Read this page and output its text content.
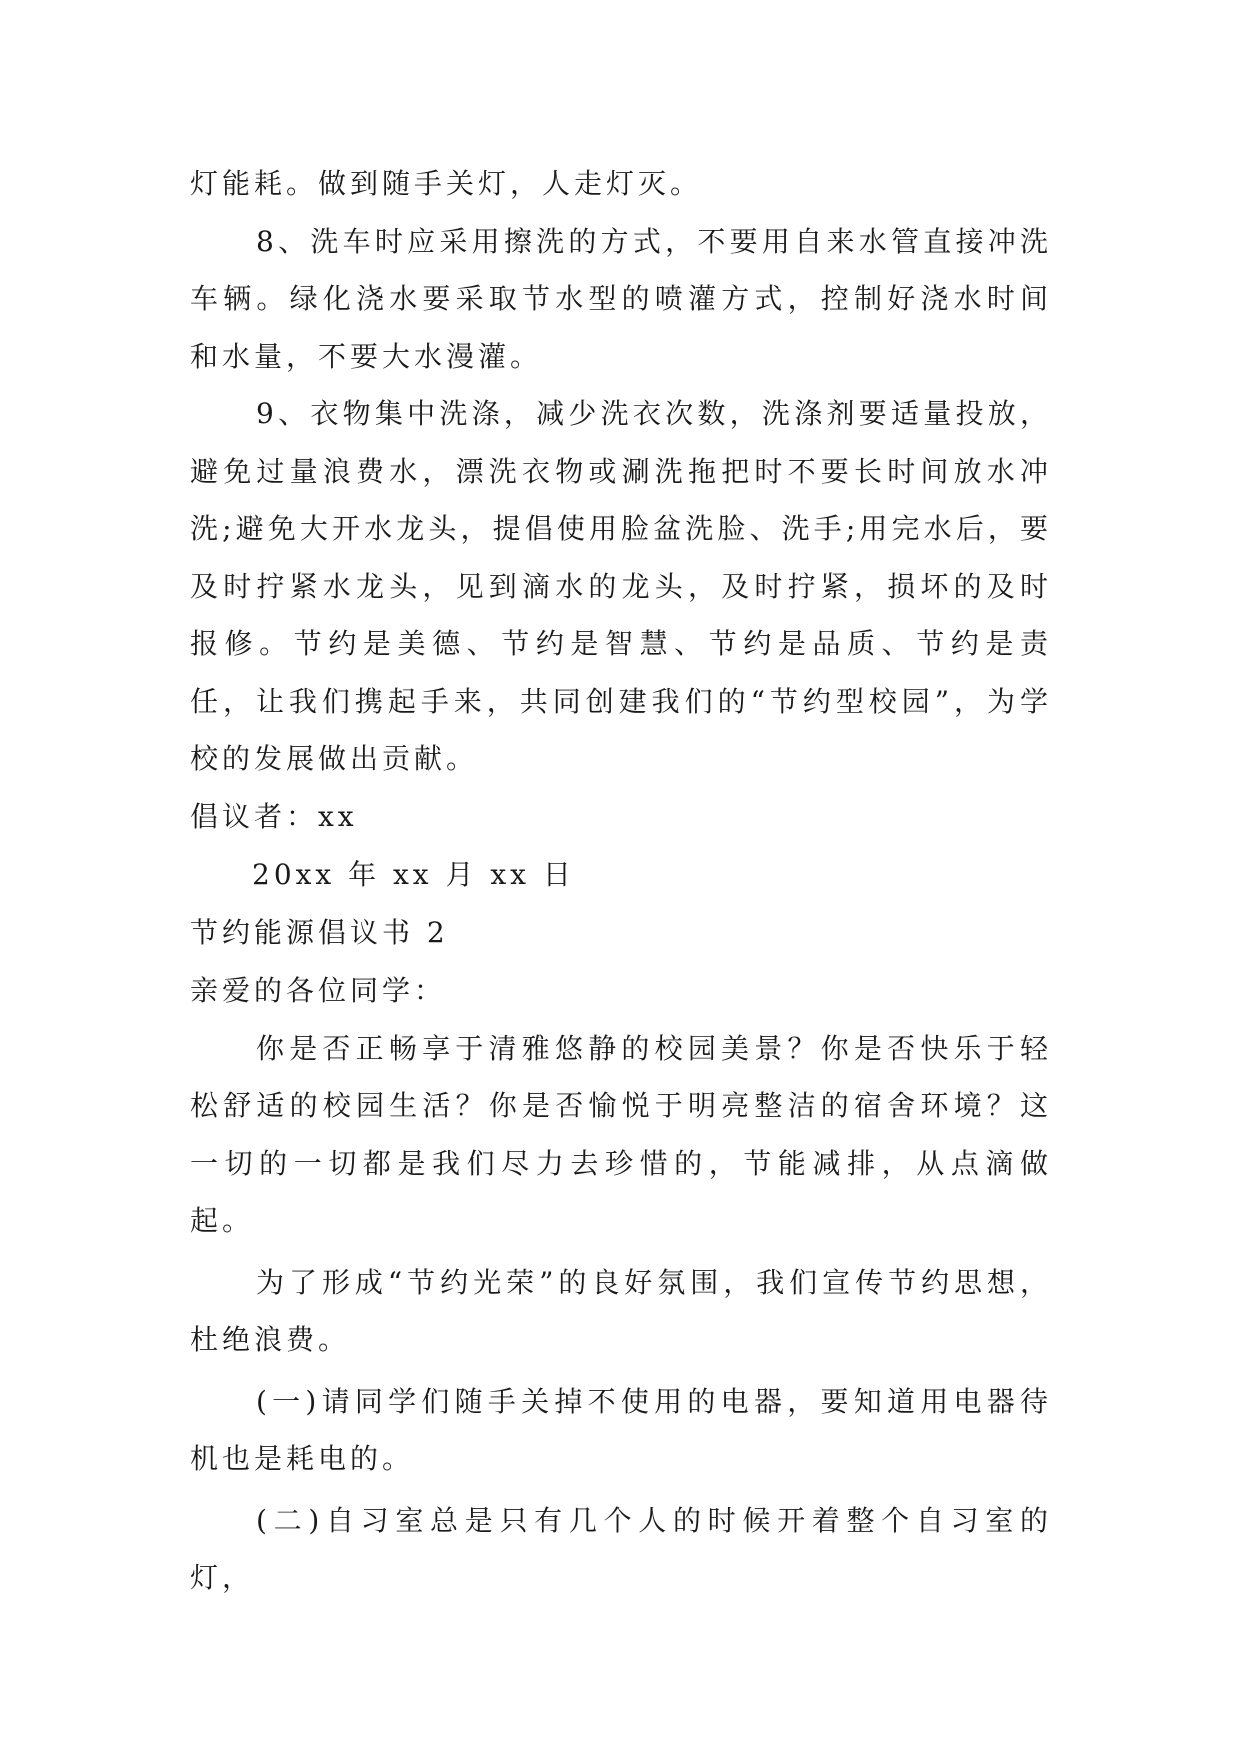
灯能耗。做到随手关灯，人走灯灭。

8、洗车时应采用擦洗的方式，不要用自来水管直接冲洗车辆。绿化浇水要采取节水型的喷灌方式，控制好浇水时间和水量，不要大水漫灌。

9、衣物集中洗涤，减少洗衣次数，洗涤剂要适量投放，避免过量浪费水，漂洗衣物或涮洗拖把时不要长时间放水冲洗;避免大开水龙头，提倡使用脸盆洗脸、洗手;用完水后，要及时拧紧水龙头，见到滴水的龙头，及时拧紧，损坏的及时报修。节约是美德、节约是智慧、节约是品质、节约是责任，让我们携起手来，共同创建我们的“节约型校园”，为学校的发展做出贡献。

倡议者：xx

20xx 年 xx 月 xx 日

节约能源倡议书 2

亲爱的各位同学：

你是否正畅享于清雅悠静的校园美景？你是否快乐于轻松舒适的校园生活？你是否愉悦于明亮整洁的宿舍环境？这一切的一切都是我们尽力去珍惜的，节能减排，从点滴做起。

为了形成“节约光荣”的良好氛围，我们宣传节约思想，杜绝浪费。

(一)请同学们随手关掉不使用的电器，要知道用电器待机也是耗电的。

(二)自习室总是只有几个人的时候开着整个自习室的灯，
